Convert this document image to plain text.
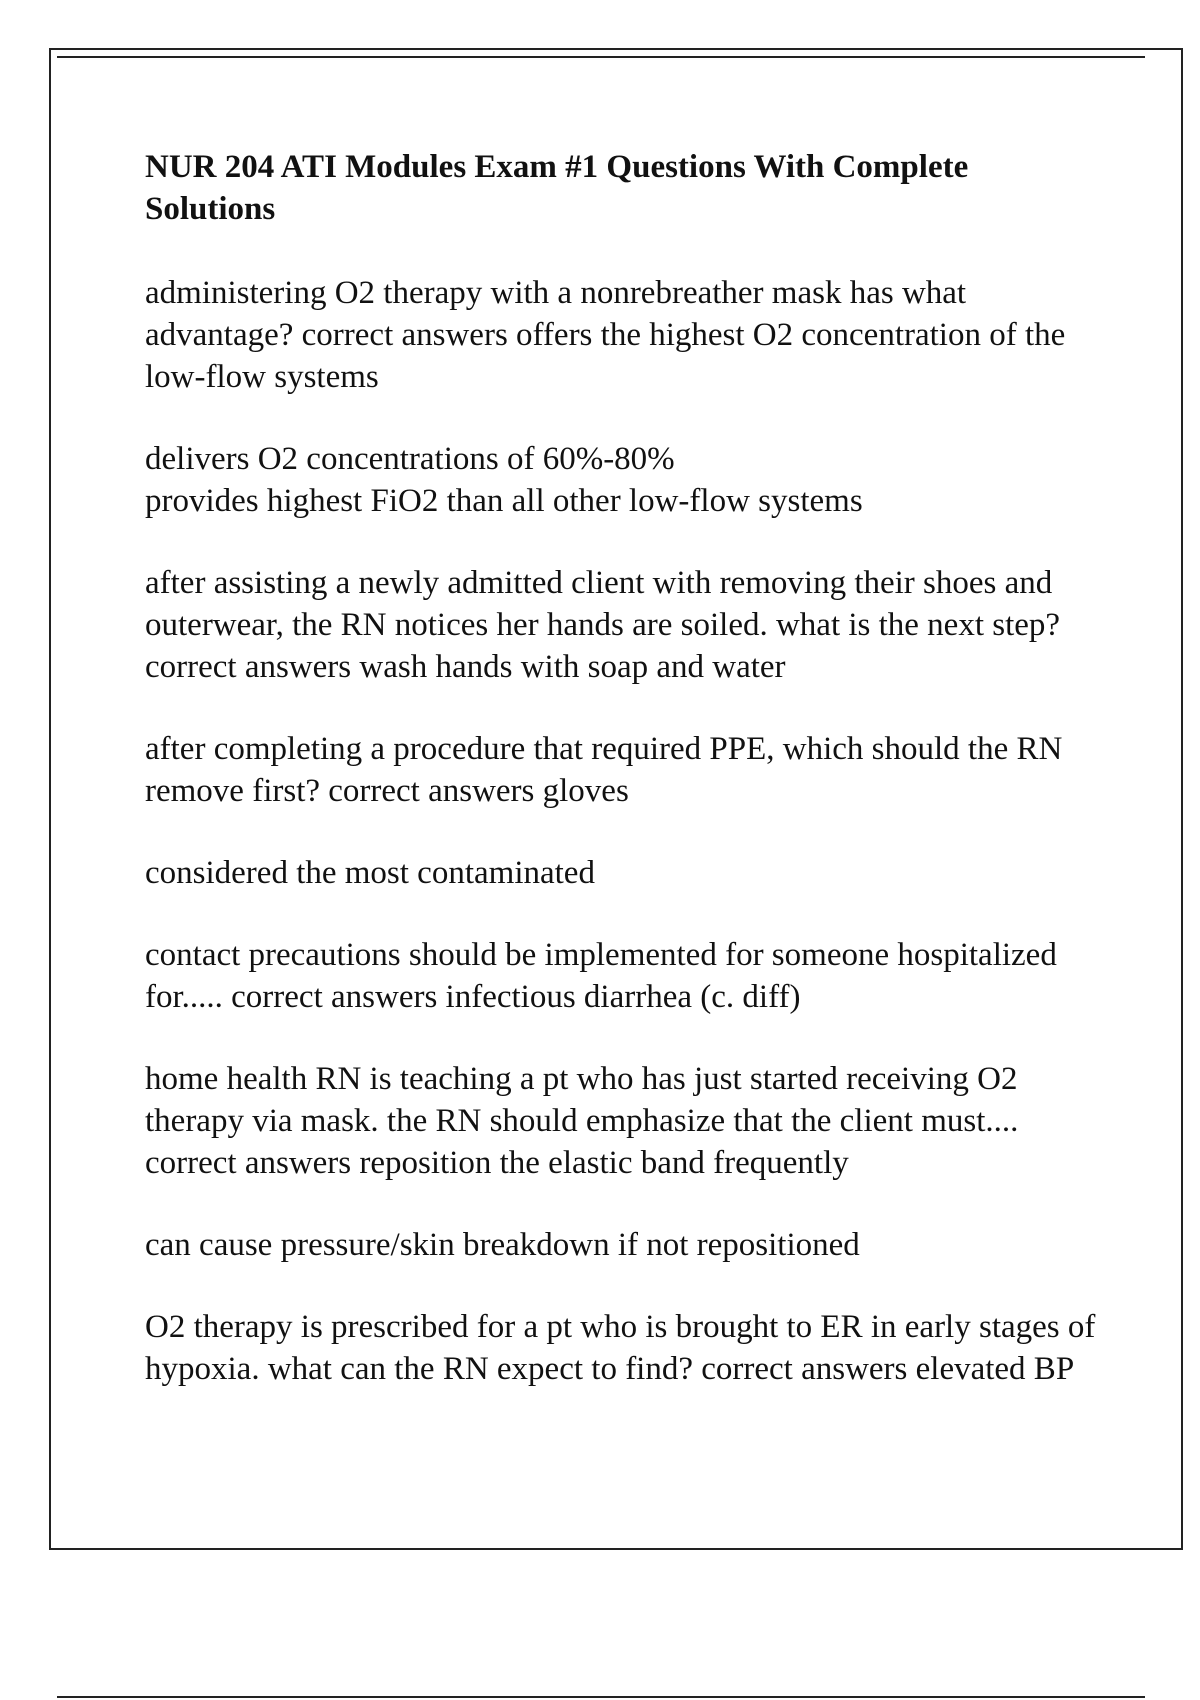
NUR 204 ATI Modules Exam #1 Questions With Complete Solutions
administering O2 therapy with a nonrebreather mask has what advantage? correct answers offers the highest O2 concentration of the low-flow systems
delivers O2 concentrations of 60%-80%
provides highest FiO2 than all other low-flow systems
after assisting a newly admitted client with removing their shoes and outerwear, the RN notices her hands are soiled. what is the next step? correct answers wash hands with soap and water
after completing a procedure that required PPE, which should the RN remove first? correct answers gloves
considered the most contaminated
contact precautions should be implemented for someone hospitalized for..... correct answers infectious diarrhea (c. diff)
home health RN is teaching a pt who has just started receiving O2 therapy via mask. the RN should emphasize that the client must.... correct answers reposition the elastic band frequently
can cause pressure/skin breakdown if not repositioned
O2 therapy is prescribed for a pt who is brought to ER in early stages of hypoxia. what can the RN expect to find? correct answers elevated BP
